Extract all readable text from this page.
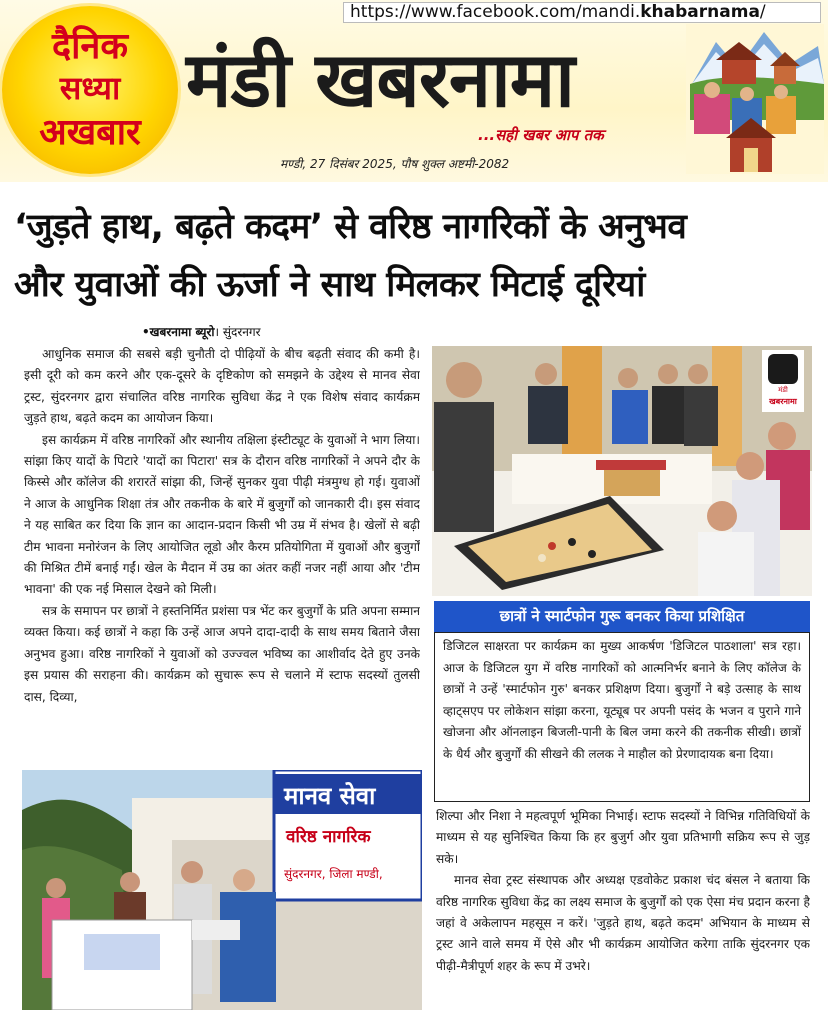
https://www.facebook.com/mandi.khabarnama/
दैनिक
सध्या
अखबार
मंडी खबरनामा
...सही खबर आप तक
मण्डी, 27 दिसंबर 2025, पौष शुक्ल अष्टमी-2082
‘जुड़ते हाथ, बढ़ते कदम’ से वरिष्ठ नागरिकों के अनुभव
और युवाओं की ऊर्जा ने साथ मिलकर मिटाई दूरियां
•खबरनामा ब्यूरो। सुंदरनगर

आधुनिक समाज की सबसे बड़ी चुनौती दो पीढ़ियों के बीच बढ़ती संवाद की कमी है। इसी दूरी को कम करने और एक-दूसरे के दृष्टिकोण को समझने के उद्देश्य से मानव सेवा ट्रस्ट, सुंदरनगर द्वारा संचालित वरिष्ठ नागरिक सुविधा केंद्र ने एक विशेष संवाद कार्यक्रम जुड़ते हाथ, बढ़ते कदम का आयोजन किया।

इस कार्यक्रम में वरिष्ठ नागरिकों और स्थानीय तक्षिला इंस्टीट्यूट के युवाओं ने भाग लिया। सांझा किए यादों के पिटारे 'यादों का पिटारा' सत्र के दौरान वरिष्ठ नागरिकों ने अपने दौर के किस्से और कॉलेज की शरारतें सांझा की, जिन्हें सुनकर युवा पीढ़ी मंत्रमुग्ध हो गई। युवाओं ने आज के आधुनिक शिक्षा तंत्र और तकनीक के बारे में बुजुर्गों को जानकारी दी। इस संवाद ने यह साबित कर दिया कि ज्ञान का आदान-प्रदान किसी भी उम्र में संभव है। खेलों से बढ़ी टीम भावना मनोरंजन के लिए आयोजित लूडो और कैरम प्रतियोगिता में युवाओं और बुजुर्गों की मिश्रित टीमें बनाई गईं। खेल के मैदान में उम्र का अंतर कहीं नजर नहीं आया और 'टीम भावना' की एक नई मिसाल देखने को मिली।

सत्र के समापन पर छात्रों ने हस्तनिर्मित प्रशंसा पत्र भेंट कर बुजुर्गों के प्रति अपना सम्मान व्यक्त किया। कई छात्रों ने कहा कि उन्हें आज अपने दादा-दादी के साथ समय बिताने जैसा अनुभव हुआ। वरिष्ठ नागरिकों ने युवाओं को उज्ज्वल भविष्य का आशीर्वाद देते हुए उनके इस प्रयास की सराहना की। कार्यक्रम को सुचारू रूप से चलाने में स्टाफ सदस्यों तुलसी दास, दिव्या,

मंडी
खबरनामा
छात्रों ने स्मार्टफोन गुरू बनकर किया प्रशिक्षित
डिजिटल साक्षरता पर कार्यक्रम का मुख्य आकर्षण 'डिजिटल पाठशाला' सत्र रहा। आज के डिजिटल युग में वरिष्ठ नागरिकों को आत्मनिर्भर बनाने के लिए कॉलेज के छात्रों ने उन्हें 'स्मार्टफोन गुरु' बनकर प्रशिक्षण दिया। बुजुर्गों ने बड़े उत्साह के साथ व्हाट्सएप पर लोकेशन सांझा करना, यूट्यूब पर अपनी पसंद के भजन व पुराने गाने खोजना और ऑनलाइन बिजली-पानी के बिल जमा करने की तकनीक सीखी। छात्रों के धैर्य और बुजुर्गों की सीखने की ललक ने माहौल को प्रेरणादायक बना दिया।

शिल्पा और निशा ने महत्वपूर्ण भूमिका निभाई। स्टाफ सदस्यों ने विभिन्न गतिविधियों के माध्यम से यह सुनिश्चित किया कि हर बुजुर्ग और युवा प्रतिभागी सक्रिय रूप से जुड़ सके।

मानव सेवा ट्रस्ट संस्थापक और अध्यक्ष एडवोकेट प्रकाश चंद बंसल ने बताया कि वरिष्ठ नागरिक सुविधा केंद्र का लक्ष्य समाज के बुजुर्गों को एक ऐसा मंच प्रदान करना है जहां वे अकेलापन महसूस न करें। 'जुड़ते हाथ, बढ़ते कदम' अभियान के माध्यम से ट्रस्ट आने वाले समय में ऐसे और भी कार्यक्रम आयोजित करेगा ताकि सुंदरनगर एक पीढ़ी-मैत्रीपूर्ण शहर के रूप में उभरे।

मानव सेवा
वरिष्ठ नागरिक
सुंदरनगर, जिला मण्डी,
